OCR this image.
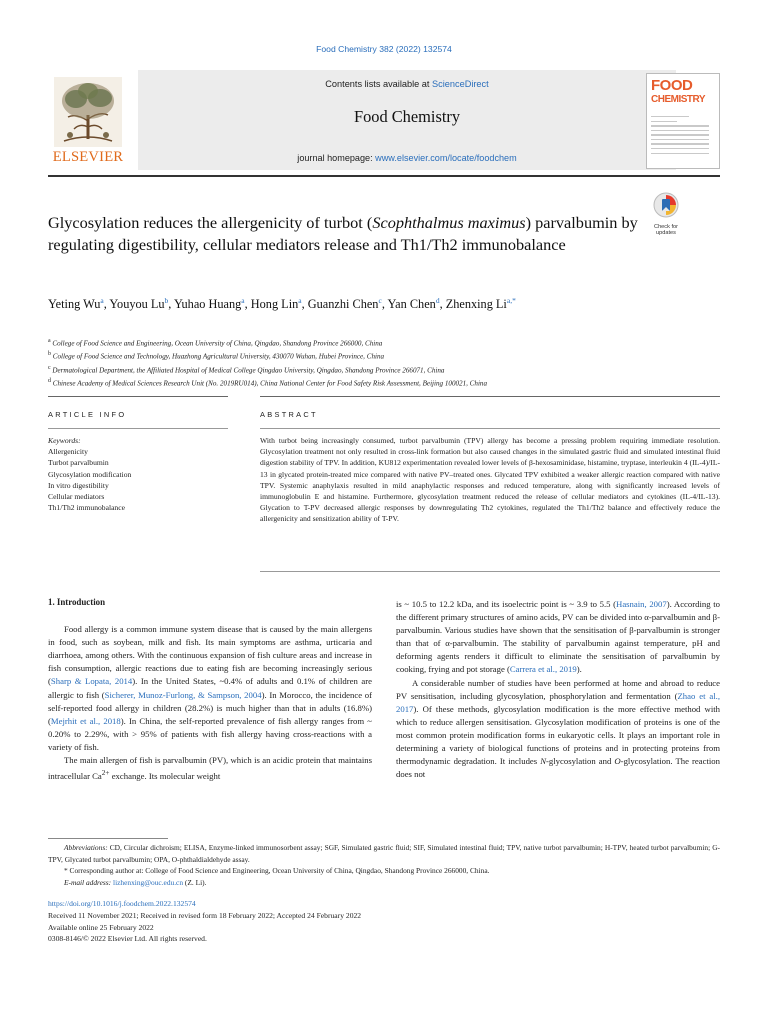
Food Chemistry 382 (2022) 132574
ELSEVIER
Contents lists available at ScienceDirect
Food Chemistry
journal homepage: www.elsevier.com/locate/foodchem
FOOD
CHEMISTRY
Check for
updates
Glycosylation reduces the allergenicity of turbot (Scophthalmus maximus) parvalbumin by regulating digestibility, cellular mediators release and Th1/Th2 immunobalance
Yeting Wu$^a$, Youyou Lu$^b$, Yuhao Huang$^a$, Hong Lin$^a$, Guanzhi Chen$^c$, Yan Chen$^d$, Zhenxing $Li^{a,*}$
$^a$ College of Food Science and Engineering, Ocean University of China, Qingdao, Shandong Province 266000, China
$^b$ College of Food Science and Technology, Huazhong Agricultural University, 430070 Wuhan, Hubei Province, China
$^c$ Dermatological Department, the Affiliated Hospital of Medical College Qingdao University, Qingdao, Shandong Province 266071, China
$^d$ Chinese Academy of Medical Sciences Research Unit (No. 2019RU014), China National Center for Food Safety Risk Assessment, Beijing 100021, China
ARTICLE INFO	ABSTRACT
Keywords:
Allergenicity
Turbot parvalbumin
Glycosylation modification
In vitro digestibility
Cellular mediators
Th1/Th2 immunobalance

With turbot being increasingly consumed, turbot parvalbumin (TPV) allergy has become a pressing problem requiring immediate resolution. Glycosylation treatment not only resulted in cross-link formation but also caused changes in the simulated gastric fluid and simulated intestinal fluid digestion stability of TPV. In addition, KU812 experimentation revealed lower levels of β-hexosaminidase, histamine, tryptase, interleukin 4 (IL-4)/IL-13 in glycated protein-treated mice compared with native PV–treated ones. Glycated TPV exhibited a weaker allergic reaction compared with native TPV. Systemic anaphylaxis resulted in mild anaphylactic responses and reduced temperature, along with significantly increased levels of immunoglobulin E and histamine. Furthermore, glycosylation treatment reduced the release of cellular mediators and cytokines (IL-4/IL-13). Glycation to T-PV decreased allergic responses by downregulating Th2 cytokines, regulated the Th1/Th2 balance and effectively reduce the allergenicity and sensitization ability of T-PV.

1. Introduction

Food allergy is a common immune system disease that is caused by the main allergens in food, such as soybean, milk and fish. Its main symptoms are asthma, urticaria and diarrhoea, among others. With the continuous expansion of fish culture areas and increase in fish consumption, allergic reactions due to eating fish are becoming increasingly serious (Sharp & Lopata, 2014). In the United States, ~0.4% of adults and 0.1% of children are allergic to fish (Sicherer, Munoz-Furlong, & Sampson, 2004). In Morocco, the incidence of self-reported food allergy in children (28.2%) is much higher than that in adults (16.8%) (Mejrhit et al., 2018). In China, the self-reported prevalence of fish allergy ranges from ~ 0.20% to 2.29%, with > 95% of patients with fish allergy having cross-reactions with a variety of fish.

The main allergen of fish is parvalbumin (PV), which is an acidic protein that maintains intracellular $Ca^{2+}$ exchange. Its molecular weight

is ~ 10.5 to 12.2 kDa, and its isoelectric point is ~ 3.9 to 5.5 (Hasnain, 2007). According to the different primary structures of amino acids, PV can be divided into α-parvalbumin and β-parvalbumin. Various studies have shown that the sensitisation of β-parvalbumin is stronger than that of α-parvalbumin. The stability of parvalbumin against temperature, pH and deforming agents renders it difficult to eliminate the sensitisation of parvalbumin by cooking, frying and pot storage (Carrera et al., 2019).

A considerable number of studies have been performed at home and abroad to reduce PV sensitisation, including glycosylation, phosphorylation and fermentation (Zhao et al., 2017). Of these methods, glycosylation modification is the more effective method with which to reduce allergen sensitisation. Glycosylation modification of proteins is one of the most common protein modification forms in eukaryotic cells. It plays an important role in determining a variety of biological functions of proteins and in protecting proteins from thermodynamic degradation. It includes N-glycosylation and O-glycosylation. The reaction does not

Abbreviations: CD, Circular dichroism; ELISA, Enzyme-linked immunosorbent assay; SGF, Simulated gastric fluid; SIF, Simulated intestinal fluid; TPV, native turbot parvalbumin; H-TPV, heated turbot parvalbumin; G-TPV, Glycated turbot parvalbumin; OPA, O-phthaldialdehyde assay.
* Corresponding author at: College of Food Science and Engineering, Ocean University of China, Qingdao, Shandong Province 266000, China.
E-mail address: lizhenxing@ouc.edu.cn (Z. Li).
https://doi.org/10.1016/j.foodchem.2022.132574
Received 11 November 2021; Received in revised form 18 February 2022; Accepted 24 February 2022
Available online 25 February 2022
0308-8146/© 2022 Elsevier Ltd. All rights reserved.
